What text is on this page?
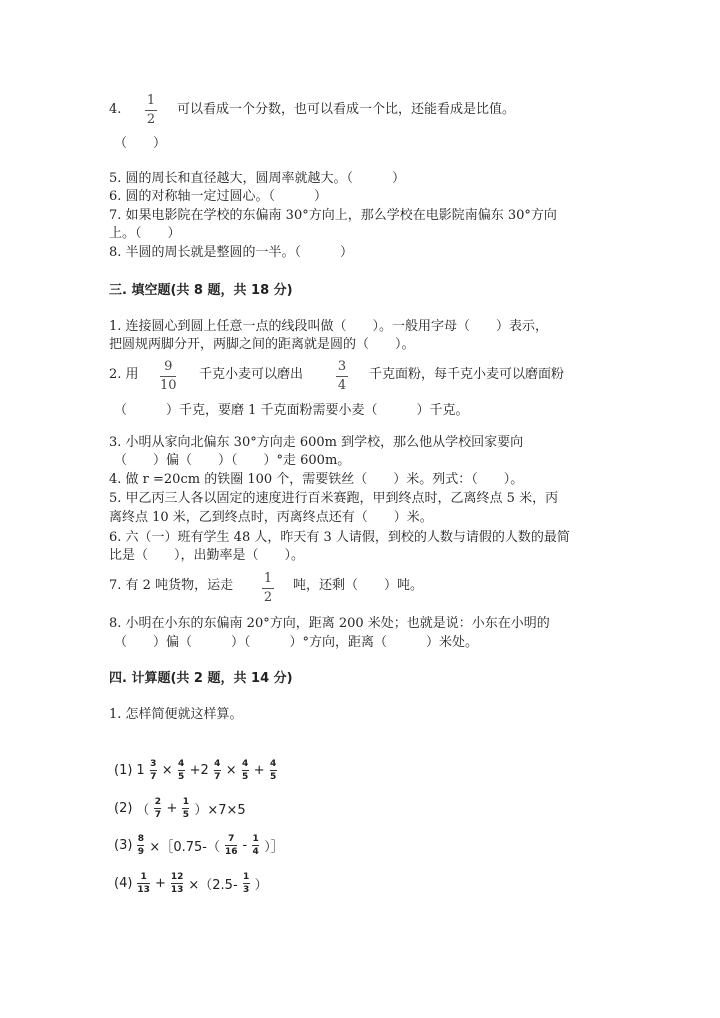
4.
1
2
可以看成一个分数，也可以看成一个比，还能看成是比值。
（　　）
5. 圆的周长和直径越大，圆周率就越大。（　　　）
6. 圆的对称轴一定过圆心。（　　　）
7. 如果电影院在学校的东偏南 30°方向上，那么学校在电影院南偏东 30°方向
上。（　　）
8. 半圆的周长就是整圆的一半。（　　　）
三. 填空题(共 8 题，共 18 分)
1. 连接圆心到圆上任意一点的线段叫做（　　）。一般用字母（　　）表示，
把圆规两脚分开，两脚之间的距离就是圆的（　　）。
2. 用
9
10
千克小麦可以磨出
3
4
千克面粉，每千克小麦可以磨面粉
（　　　）千克，要磨 1 千克面粉需要小麦（　　　）千克。
3. 小明从家向北偏东 30°方向走 600m 到学校，那么他从学校回家要向
（　　）偏（　　）（　　）°走 600m。
4. 做 r =20cm 的铁圈 100 个，需要铁丝（　　）米。列式：（　　）。
5. 甲乙丙三人各以固定的速度进行百米赛跑，甲到终点时，乙离终点 5 米，丙
离终点 10 米，乙到终点时，丙离终点还有（　　）米。
6. 六（一）班有学生 48 人，昨天有 3 人请假，到校的人数与请假的人数的最简
比是（　　），出勤率是（　　）。
7. 有 2 吨货物，运走 1
2
吨，还剩（　　）吨。
8. 小明在小东的东偏南 20°方向，距离 200 米处；也就是说：小东在小明的
（　　）偏（　　　）（　　　）°方向，距离（　　　）米处。
四. 计算题(共 2 题，共 14 分)
1. 怎样简便就这样算。
(1) 1 3
7 × 4
5 +2 4
7 × 4
5 + 4
5
(2) （
2
7 + 1
5 ）×7×5
(3) 8
9 ×［0.75-（
7
16 - 1
4 ）］
(4) 1
13 + 12
13 ×（2.5-
1
3 ）
